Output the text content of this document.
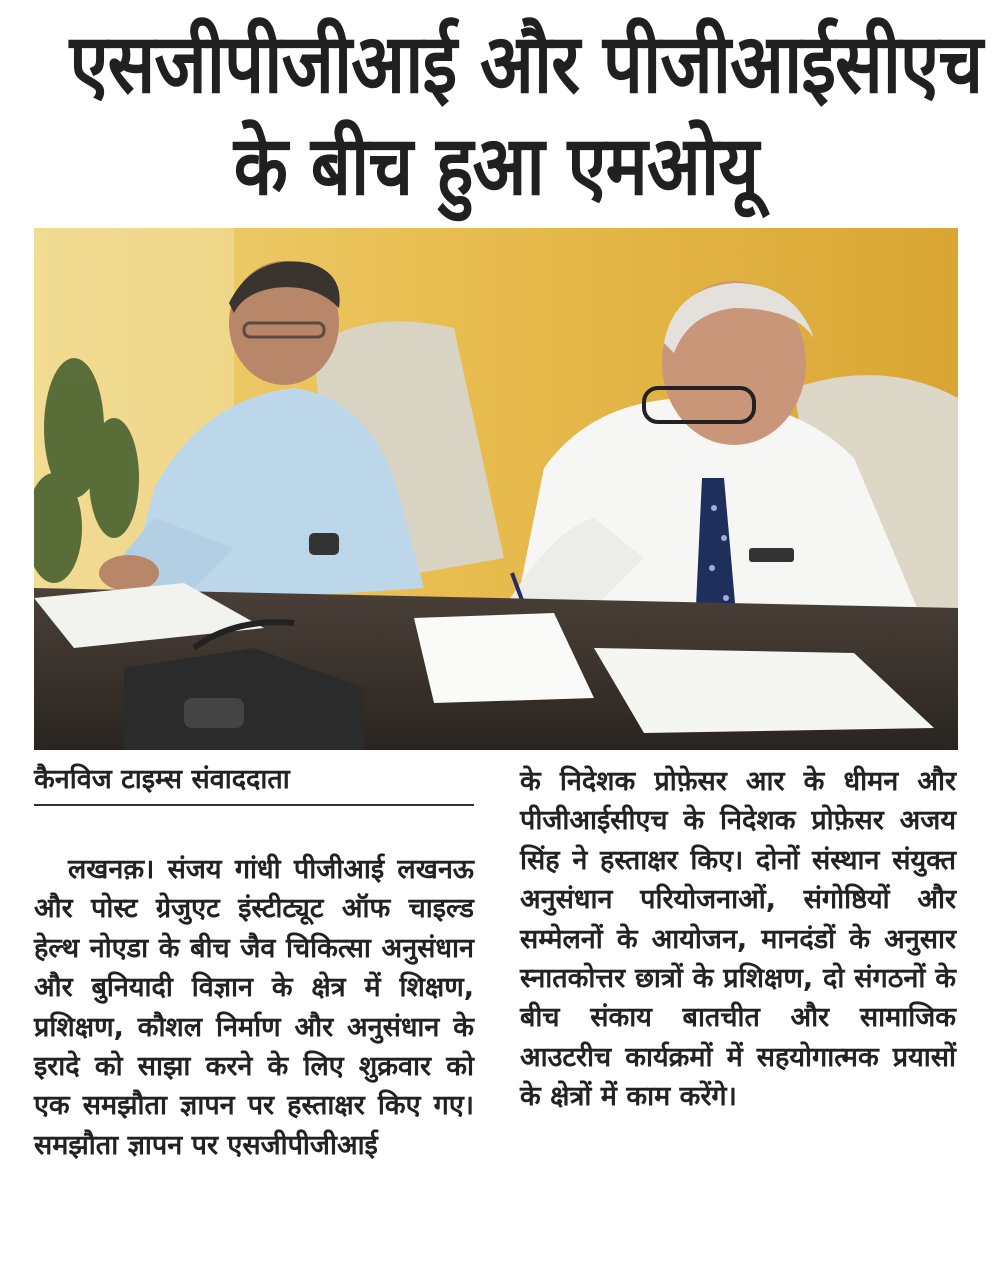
एसजीपीजीआई और पीजीआईसीएच
के बीच हुआ एमओयू
कैनविज टाइम्स संवाददाता
लखनक़। संजय गांधी पीजीआई लखनऊ और पोस्ट ग्रेजुएट इंस्टीट्यूट ऑफ चाइल्ड हेल्थ नोएडा के बीच जैव चिकित्सा अनुसंधान और बुनियादी विज्ञान के क्षेत्र में शिक्षण, प्रशिक्षण, कौशल निर्माण और अनुसंधान के इरादे को साझा करने के लिए शुक्रवार को एक समझौता ज्ञापन पर हस्ताक्षर किए गए। समझौता ज्ञापन पर एसजीपीजीआई
के निदेशक प्रोफ़ेसर आर के धीमन और पीजीआईसीएच के निदेशक प्रोफ़ेसर अजय सिंह ने हस्ताक्षर किए। दोनों संस्थान संयुक्त अनुसंधान परियोजनाओं, संगोष्ठियों और सम्मेलनों के आयोजन, मानदंडों के अनुसार स्नातकोत्तर छात्रों के प्रशिक्षण, दो संगठनों के बीच संकाय बातचीत और सामाजिक आउटरीच कार्यक्रमों में सहयोगात्मक प्रयासों के क्षेत्रों में काम करेंगे।
